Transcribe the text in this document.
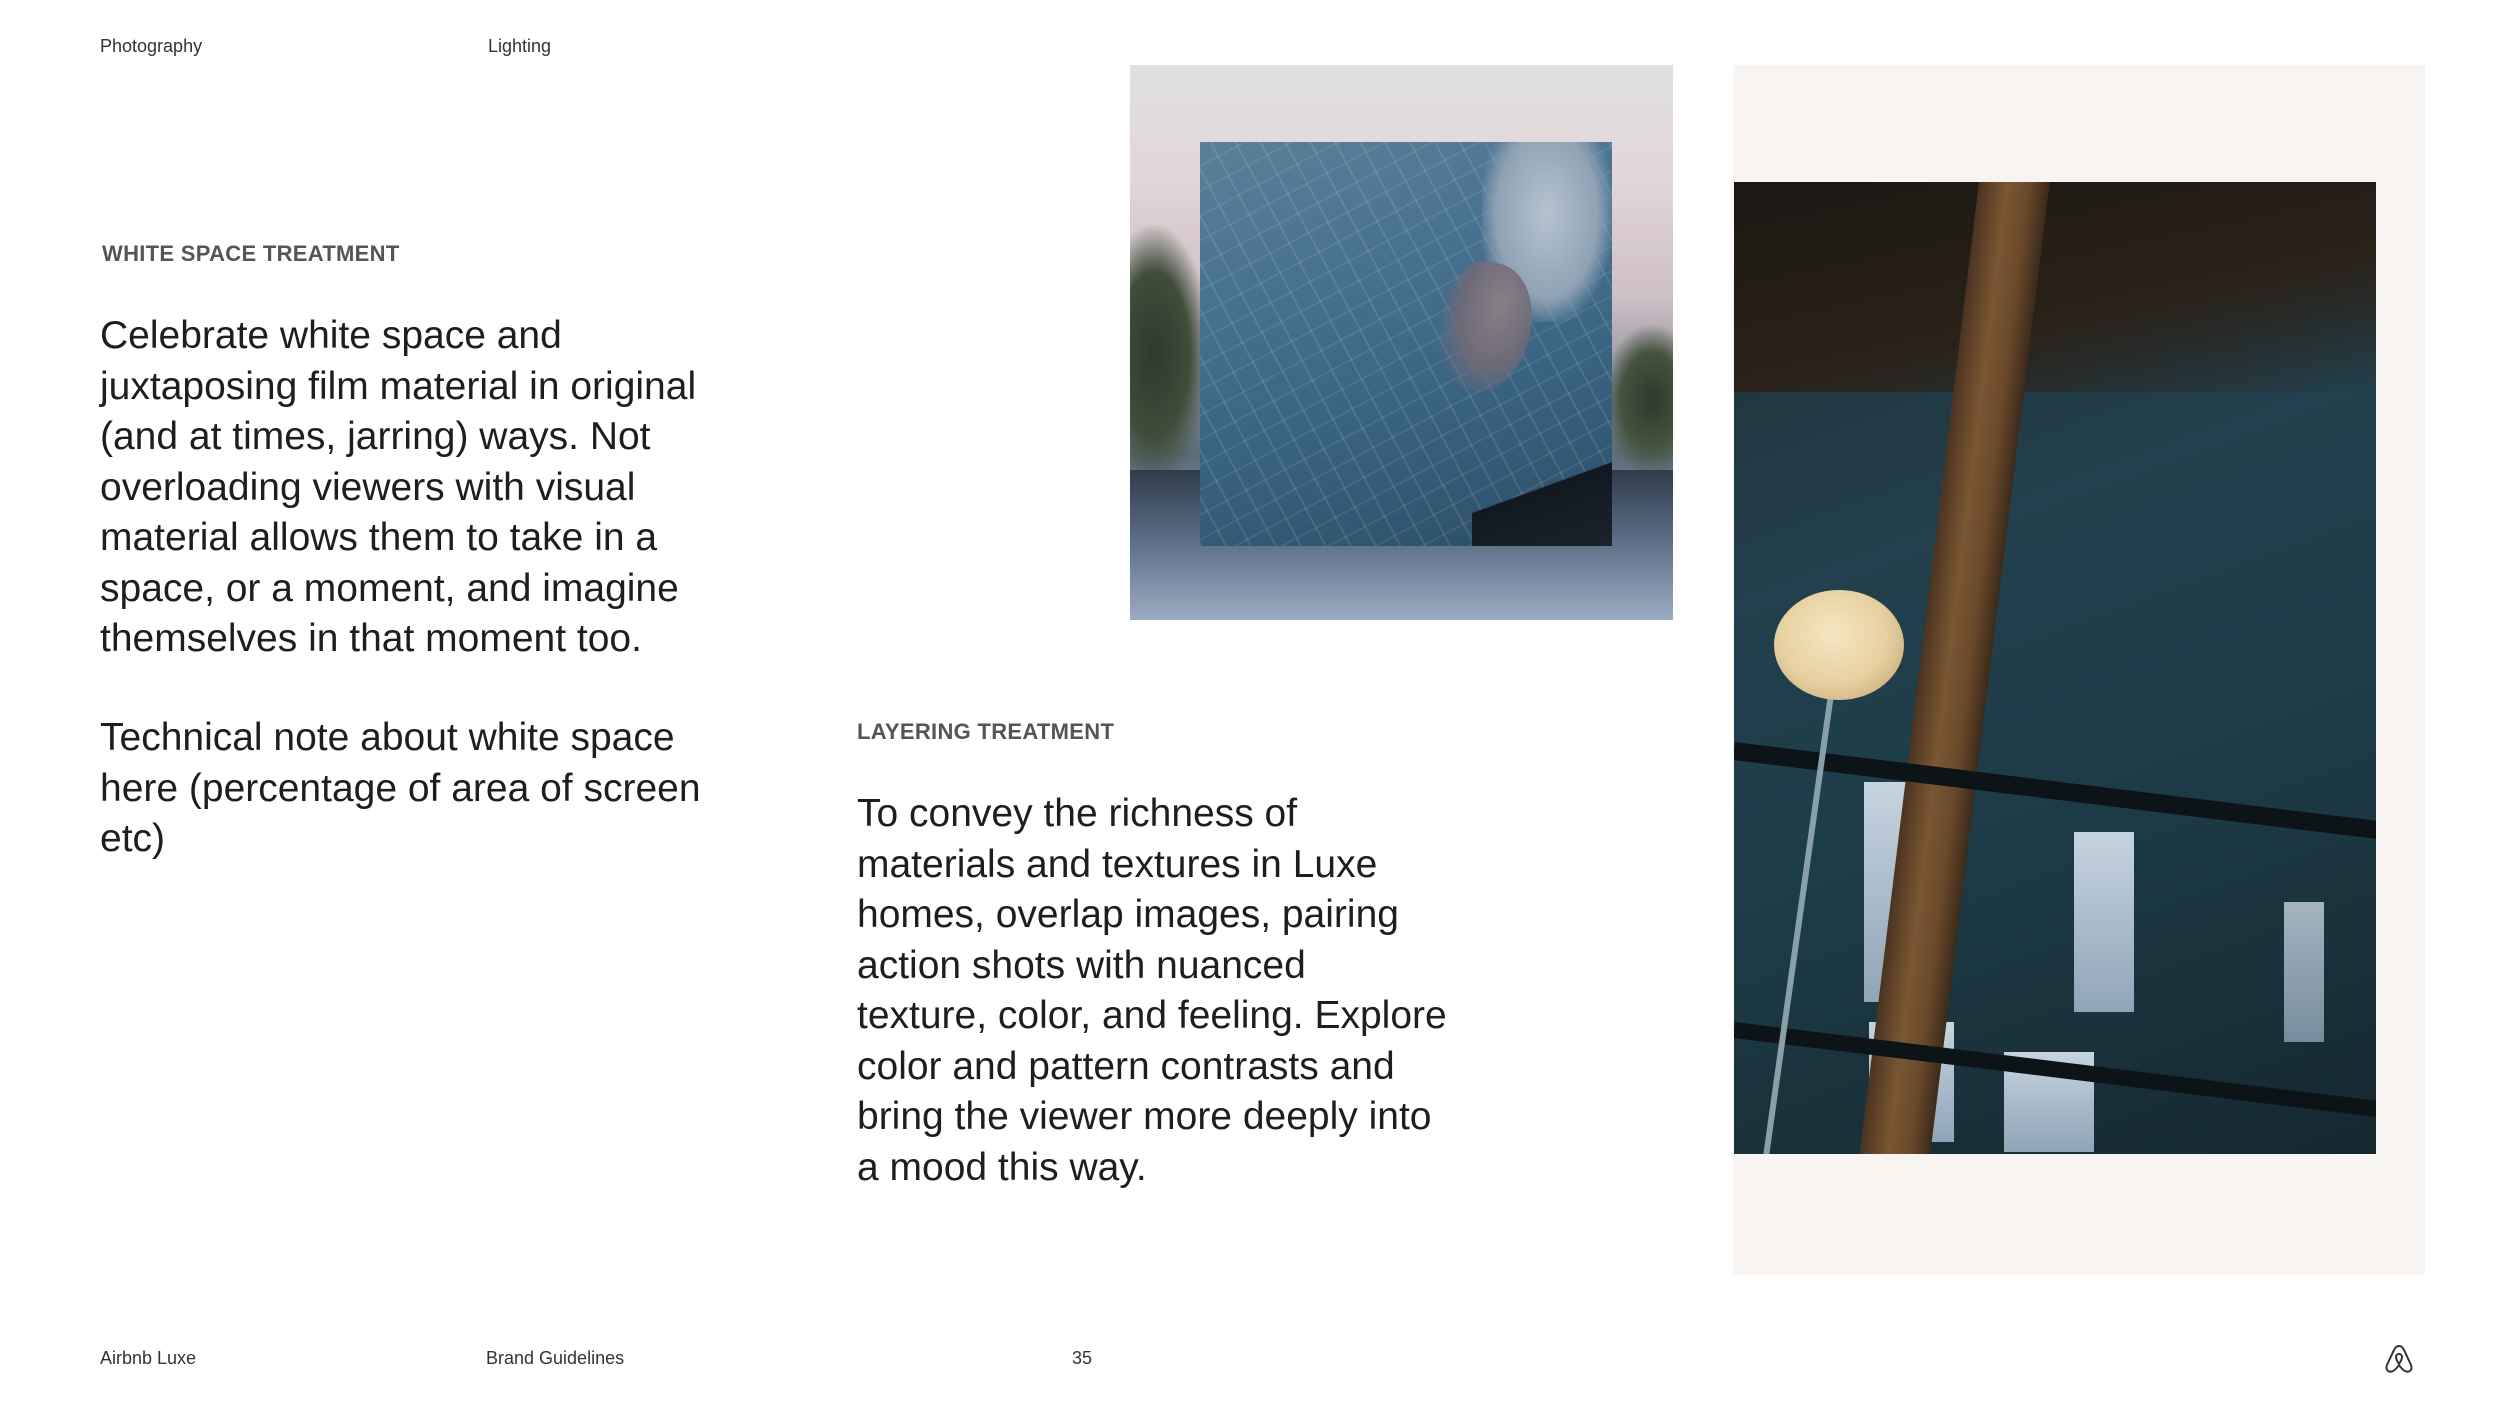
Photography	Lighting
WHITE SPACE TREATMENT
Celebrate white space and
juxtaposing film material in original
(and at times, jarring) ways. Not
overloading viewers with visual
material allows them to take in a
space, or a moment, and imagine
themselves in that moment too.
Technical note about white space
here (percentage of area of screen
etc)
LAYERING TREATMENT
To convey the richness of
materials and textures in Luxe
homes, overlap images, pairing
action shots with nuanced
texture, color, and feeling. Explore
color and pattern contrasts and
bring the viewer more deeply into
a mood this way.
Airbnb Luxe	Brand Guidelines	35
